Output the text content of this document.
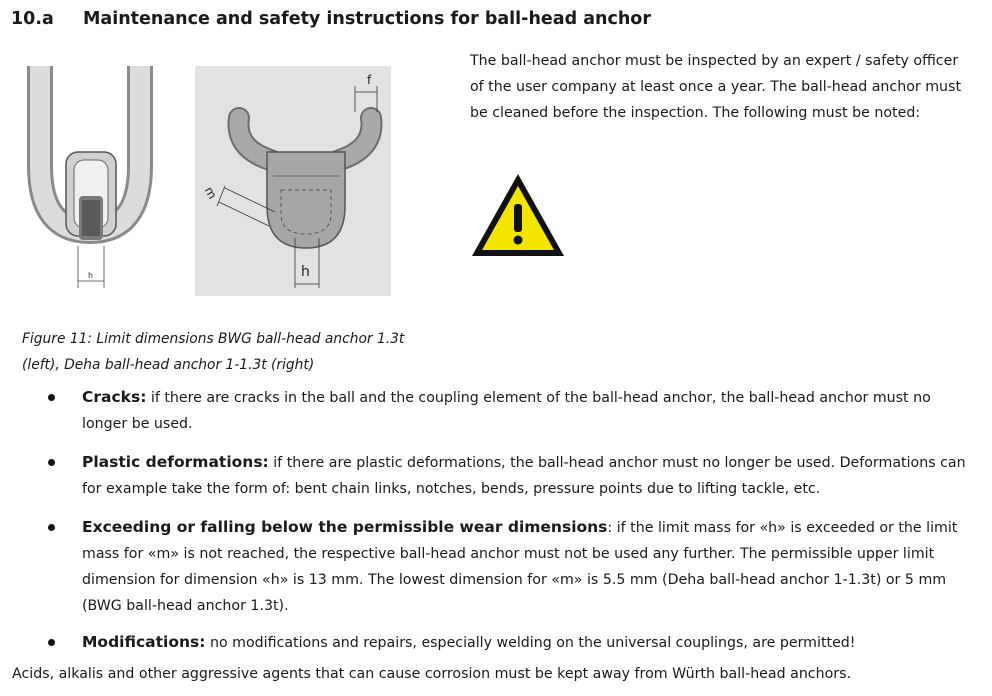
10.a Maintenance and safety instructions for ball-head anchor
The ball-head anchor must be inspected by an expert / safety officer
of the user company at least once a year. The ball-head anchor must
be cleaned before the inspection. The following must be noted:
h
f
m
h
Figure 11: Limit dimensions BWG ball-head anchor 1.3t
(left), Deha ball-head anchor 1-1.3t (right)
Cracks: if there are cracks in the ball and the coupling element of the ball-head anchor, the ball-head anchor must no
longer be used.
Plastic deformations: if there are plastic deformations, the ball-head anchor must no longer be used. Deformations can
for example take the form of: bent chain links, notches, bends, pressure points due to lifting tackle, etc.
Exceeding or falling below the permissible wear dimensions: if the limit mass for «h» is exceeded or the limit
mass for «m» is not reached, the respective ball-head anchor must not be used any further. The permissible upper limit
dimension for dimension «h» is 13 mm. The lowest dimension for «m» is 5.5 mm (Deha ball-head anchor 1-1.3t) or 5 mm
(BWG ball-head anchor 1.3t).
Modifications: no modifications and repairs, especially welding on the universal couplings, are permitted!
Acids, alkalis and other aggressive agents that can cause corrosion must be kept away from Würth ball-head anchors.
